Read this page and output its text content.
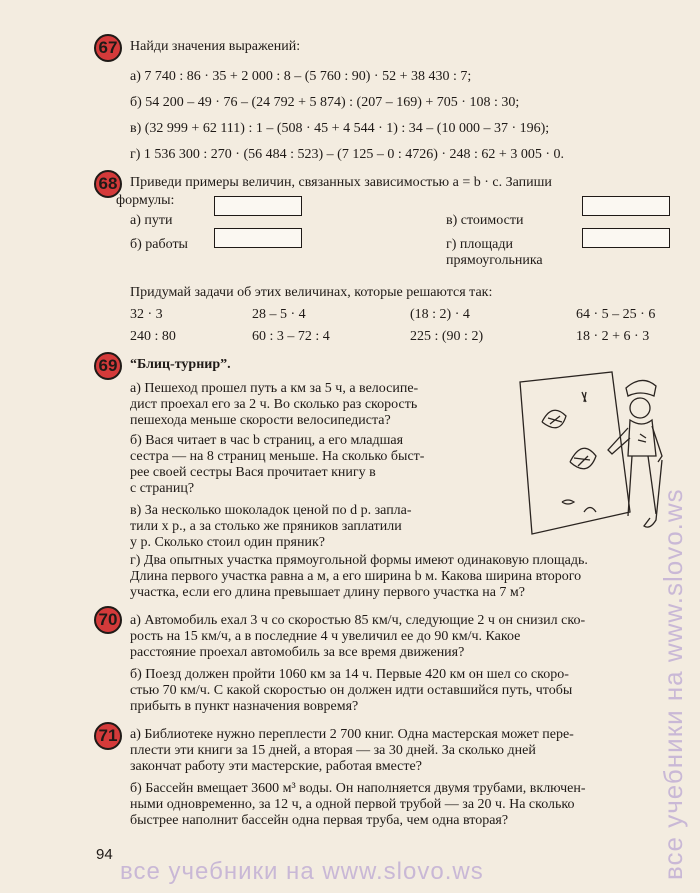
67 Найди значения выражений:
а) 7 740 : 86 · 35 + 2 000 : 8 – (5 760 : 90) · 52 + 38 430 : 7;
б) 54 200 – 49 · 76 – (24 792 + 5 874) : (207 – 169) + 705 · 108 : 30;
в) (32 999 + 62 111) : 1 – (508 · 45 + 4 544 · 1) : 34 – (10 000 – 37 · 196);
г) 1 536 300 : 270 · (56 484 : 523) – (7 125 – 0 : 4726) · 248 : 62 + 3 005 · 0.
68 Приведи примеры величин, связанных зависимостью a = b · c. Запиши
формулы:
а) пути
б) работы
в) стоимости
г) площади
прямоугольника
Придумай задачи об этих величинах, которые решаются так:
32 · 3	28 – 5 · 4	(18 : 2) · 4	64 · 5 – 25 · 6
240 : 80	60 : 3 – 72 : 4	225 : (90 : 2)	18 · 2 + 6 · 3
69 “Блиц-турнир”.
а) Пешеход прошел путь a км за 5 ч, а велосипе-
дист проехал его за 2 ч. Во сколько раз скорость
пешехода меньше скорости велосипедиста?
б) Вася читает в час b страниц, а его младшая
сестра — на 8 страниц меньше. На сколько быст-
рее своей сестры Вася прочитает книгу в
c страниц?
в) За несколько шоколадок ценой по d р. запла-
тили x р., а за столько же пряников заплатили
y р. Сколько стоил один пряник?
г) Два опытных участка прямоугольной формы имеют одинаковую площадь.
Длина первого участка равна a м, а его ширина b м. Какова ширина второго
участка, если его длина превышает длину первого участка на 7 м?
70 а) Автомобиль ехал 3 ч со скоростью 85 км/ч, следующие 2 ч он снизил ско-
рость на 15 км/ч, а в последние 4 ч увеличил ее до 90 км/ч. Какое
расстояние проехал автомобиль за все время движения?
б) Поезд должен пройти 1060 км за 14 ч. Первые 420 км он шел со скоро-
стью 70 км/ч. С какой скоростью он должен идти оставшийся путь, чтобы
прибыть в пункт назначения вовремя?
71 а) Библиотеке нужно переплести 2 700 книг. Одна мастерская может пере-
плести эти книги за 15 дней, а вторая — за 30 дней. За сколько дней
закончат работу эти мастерские, работая вместе?
б) Бассейн вмещает 3600 м³ воды. Он наполняется двумя трубами, включен-
ными одновременно, за 12 ч, а одной первой трубой — за 20 ч. На сколько
быстрее наполнит бассейн одна первая труба, чем одна вторая?
94	все учебники на www.slovo.ws
все учебники на www.slovo.ws
